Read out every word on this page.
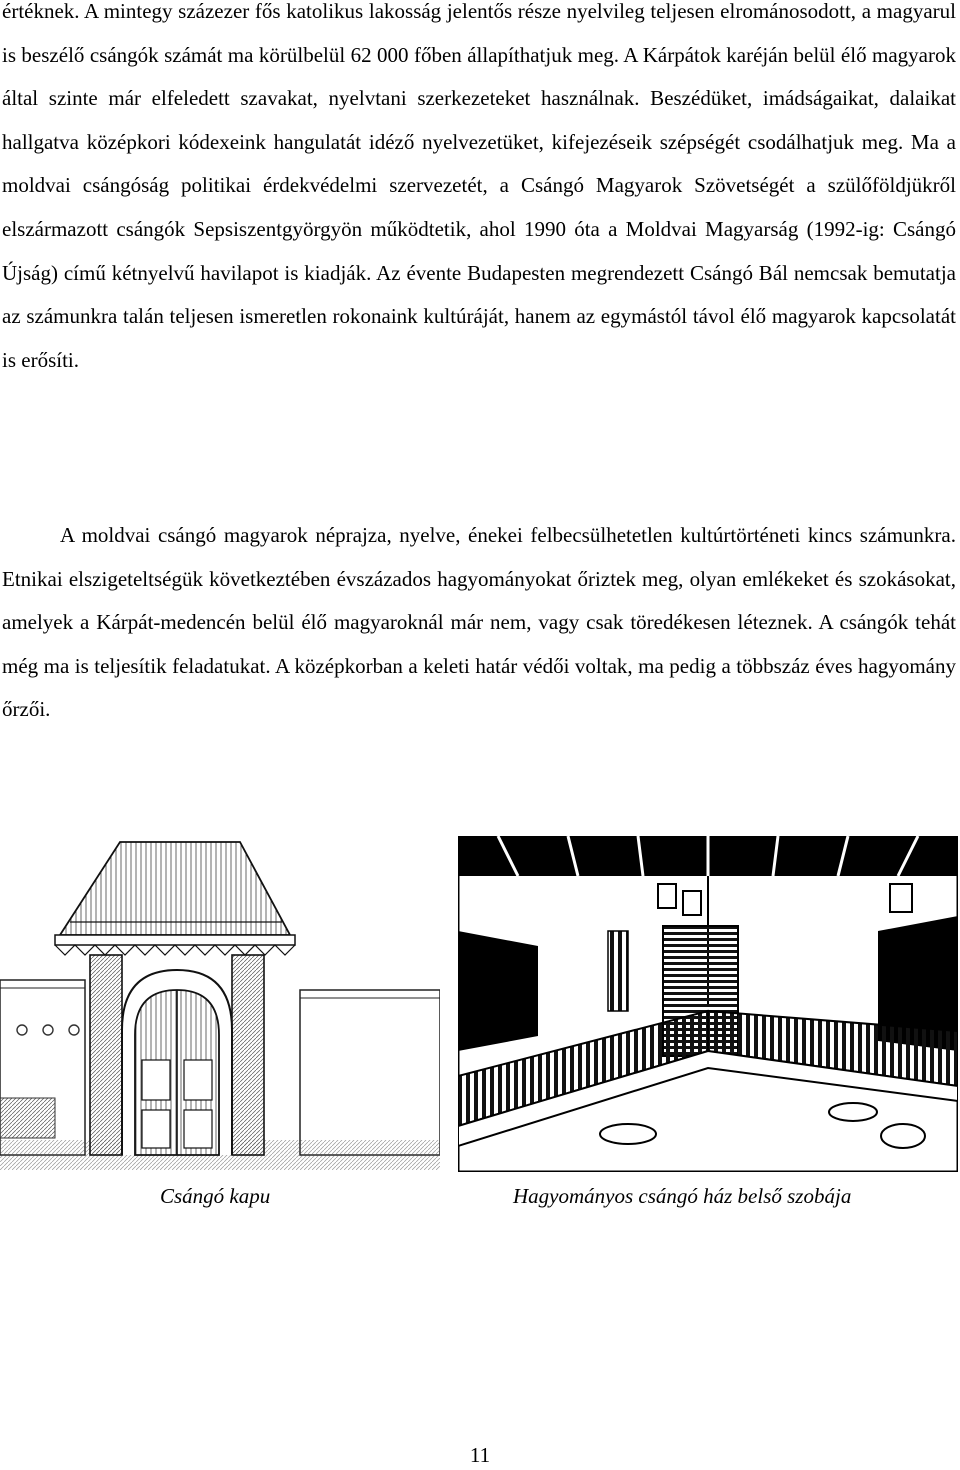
értéknek. A mintegy százezer fős katolikus lakosság jelentős része nyelvileg teljesen elrománosodott, a magyarul is beszélő csángók számát ma körülbelül 62 000 főben állapíthatjuk meg. A Kárpátok karéján belül élő magyarok által szinte már elfeledett szavakat, nyelvtani szerkezeteket használnak. Beszédüket, imádságaikat, dalaikat hallgatva középkori kódexeink hangulatát idéző nyelvezetüket, kifejezéseik szépségét csodálhatjuk meg. Ma a moldvai csángóság politikai érdekvédelmi szervezetét, a Csángó Magyarok Szövetségét a szülőföldjükről elszármazott csángók Sepsiszentgyörgyön működtetik, ahol 1990 óta a Moldvai Magyarság (1992-ig: Csángó Újság) című kétnyelvű havilapot is kiadják. Az évente Budapesten megrendezett Csángó Bál nemcsak bemutatja az számunkra talán teljesen ismeretlen rokonaink kultúráját, hanem az egymástól távol élő magyarok kapcsolatát is erősíti.

A moldvai csángó magyarok néprajza, nyelve, énekei felbecsülhetetlen kultúrtörténeti kincs számunkra. Etnikai elszigeteltségük következtében évszázados hagyományokat őriztek meg, olyan emlékeket és szokásokat, amelyek a Kárpát-medencén belül élő magyaroknál már nem, vagy csak töredékesen léteznek. A csángók tehát még ma is teljesítik feladatukat. A középkorban a keleti határ védői voltak, ma pedig a többszáz éves hagyomány őrzői.

Csángó kapu	Hagyományos csángó ház belső szobája
11
